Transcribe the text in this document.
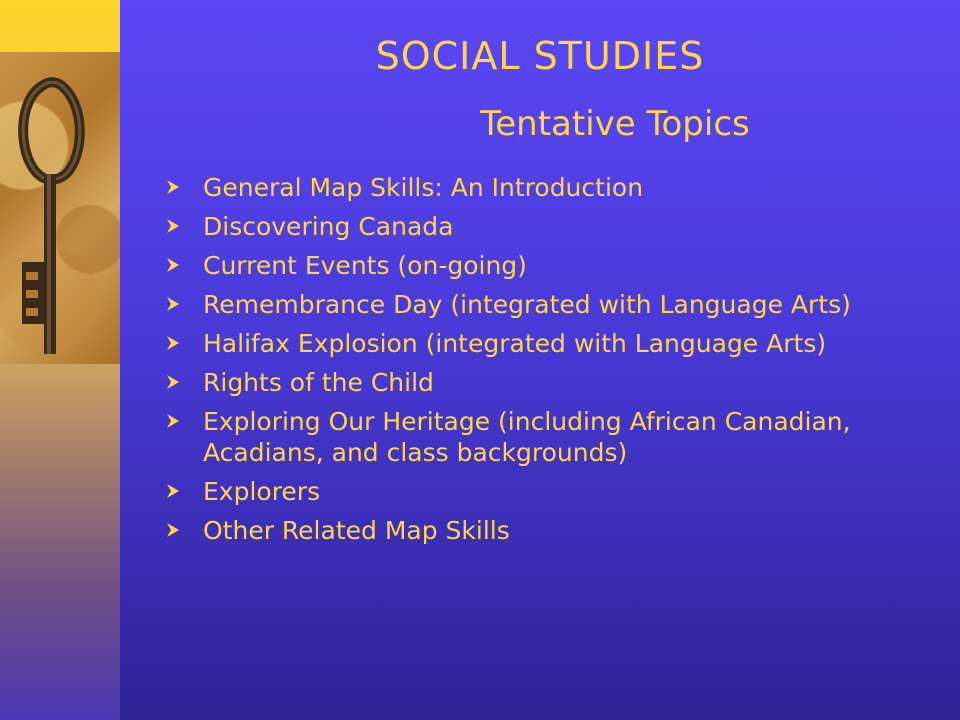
SOCIAL STUDIES
Tentative Topics
General Map Skills: An Introduction
Discovering Canada
Current Events (on-going)
Remembrance Day (integrated with Language Arts)
Halifax Explosion (integrated with Language Arts)
Rights of the Child
Exploring Our Heritage (including African Canadian, Acadians, and class backgrounds)
Explorers
Other Related Map Skills
